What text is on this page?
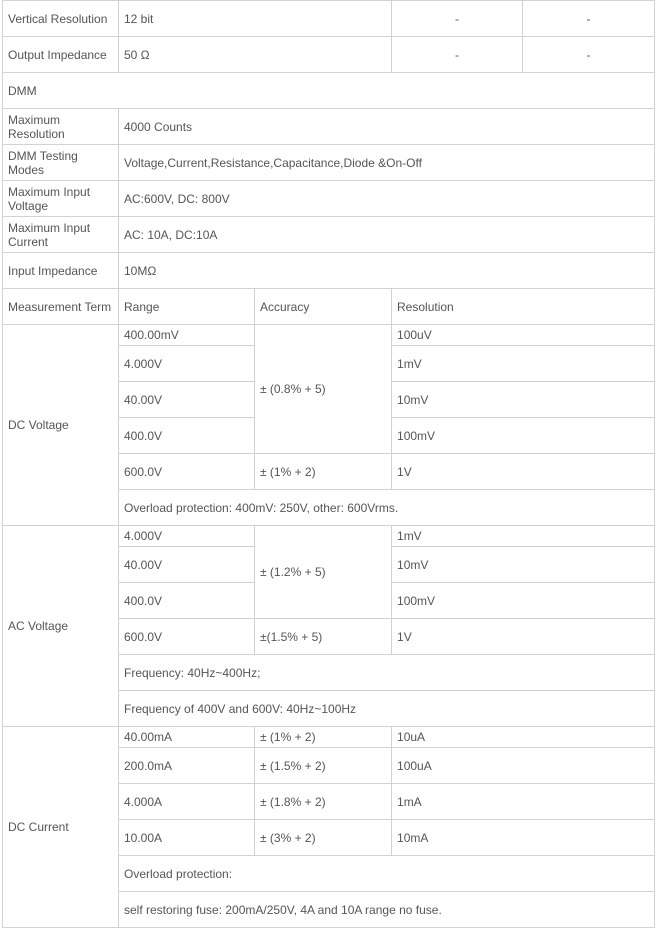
Vertical Resolution	12 bit		-	-
Output Impedance	50 Ω		-	-
DMM				
Maximum Resolution	4000 Counts			
DMM Testing Modes	Voltage,Current,Resistance,Capacitance,Diode &On-Off			
Maximum Input Voltage	AC:600V, DC: 800V			
Maximum Input Current	AC: 10A, DC:10A			
Input Impedance	10MΩ			
Measurement Term	Range	Accuracy	Resolution	
DC Voltage	400.00mV	± (0.8% + 5)	100uV	
	4.000V		1mV	
	40.00V		10mV	
	400.0V		100mV	
	600.0V	± (1% + 2)	1V	
	Overload protection: 400mV: 250V, other: 600Vrms.			
AC Voltage	4.000V	± (1.2% + 5)	1mV	
	40.00V		10mV	
	400.0V		100mV	
	600.0V	±(1.5% + 5)	1V	
	Frequency: 40Hz~400Hz;			
	Frequency of 400V and 600V: 40Hz~100Hz			
DC Current	40.00mA	± (1% + 2)	10uA	
	200.0mA	± (1.5% + 2)	100uA	
	4.000A	± (1.8% + 2)	1mA	
	10.00A	± (3% + 2)	10mA	
	Overload protection:			
	self restoring fuse: 200mA/250V, 4A and 10A range no fuse.			
